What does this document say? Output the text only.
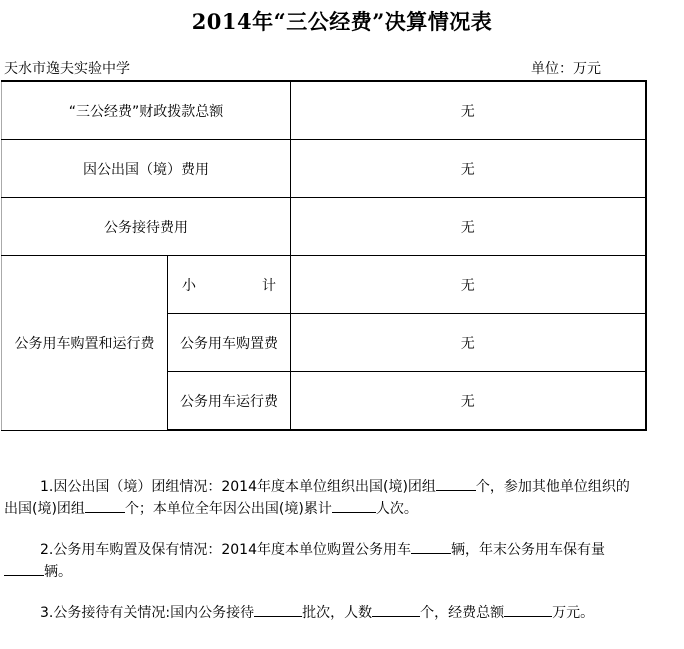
2014年“三公经费”决算情况表
天水市逸夫实验中学	单位：万元
“三公经费”财政拨款总额		无
因公出国（境）费用		无
公务接待费用		无
公务用车购置和运行费	小 计	无
	公务用车购置费	无
	公务用车运行费	无

1.因公出国（境）团组情况：2014年度本单位组织出国(境)团组	个，参加其他单位组织的出国(境)团组	个；本单位全年因公出国(境)累计	人次。

2.公务用车购置及保有情况：2014年度本单位购置公务用车	辆，年末公务用车保有量辆。

3.公务接待有关情况:国内公务接待	批次，人数	个，经费总额	万元。
